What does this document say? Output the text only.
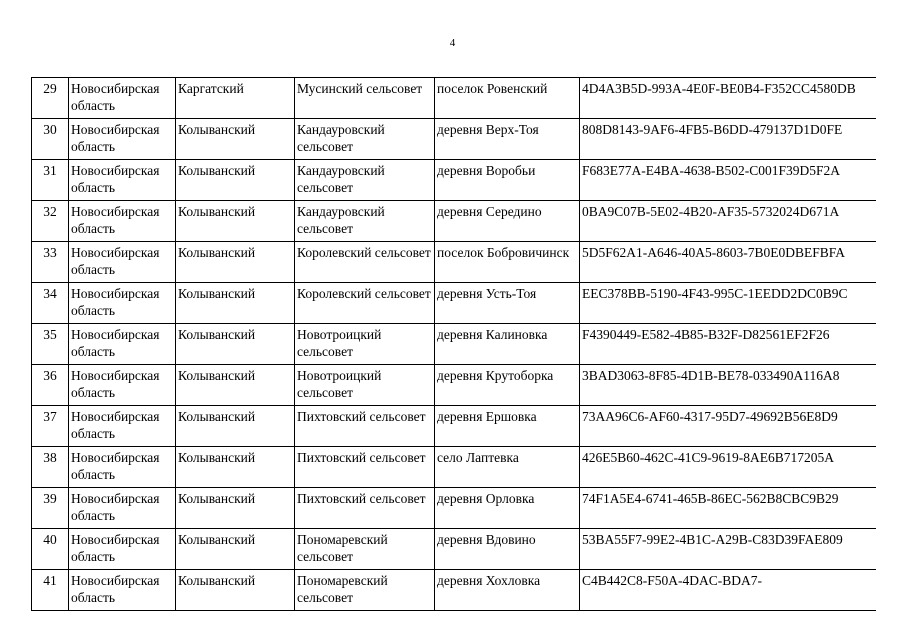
4
29	Новосибирская область	Каргатский	Мусинский сельсовет	поселок Ровенский	4D4A3B5D-993A-4E0F-BE0B4-F352CC4580DB
30	Новосибирская область	Колыванский	Кандауровский сельсовет	деревня Верх-Тоя	808D8143-9AF6-4FB5-B6DD-479137D1D0FE
31	Новосибирская область	Колыванский	Кандауровский сельсовет	деревня Воробьи	F683E77A-E4BA-4638-B502-C001F39D5F2A
32	Новосибирская область	Колыванский	Кандауровский сельсовет	деревня Середино	0BA9C07B-5E02-4B20-AF35-5732024D671A
33	Новосибирская область	Колыванский	Королевский сельсовет	поселок Бобровичинск	5D5F62A1-A646-40A5-8603-7B0E0DBEFBFA
34	Новосибирская область	Колыванский	Королевский сельсовет	деревня Усть-Тоя	EEC378BB-5190-4F43-995C-1EEDD2DC0B9C
35	Новосибирская область	Колыванский	Новотроицкий сельсовет	деревня Калиновка	F4390449-E582-4B85-B32F-D82561EF2F26
36	Новосибирская область	Колыванский	Новотроицкий сельсовет	деревня Крутоборка	3BAD3063-8F85-4D1B-BE78-033490A116A8
37	Новосибирская область	Колыванский	Пихтовский сельсовет	деревня Ершовка	73AA96C6-AF60-4317-95D7-49692B56E8D9
38	Новосибирская область	Колыванский	Пихтовский сельсовет	село Лаптевка	426E5B60-462C-41C9-9619-8AE6B717205A
39	Новосибирская область	Колыванский	Пихтовский сельсовет	деревня Орловка	74F1A5E4-6741-465B-86EC-562B8CBC9B29
40	Новосибирская область	Колыванский	Пономаревский сельсовет	деревня Вдовино	53BA55F7-99E2-4B1C-A29B-C83D39FAE809
41	Новосибирская область	Колыванский	Пономаревский сельсовет	деревня Хохловка	C4B442C8-F50A-4DAC-BDA7-
